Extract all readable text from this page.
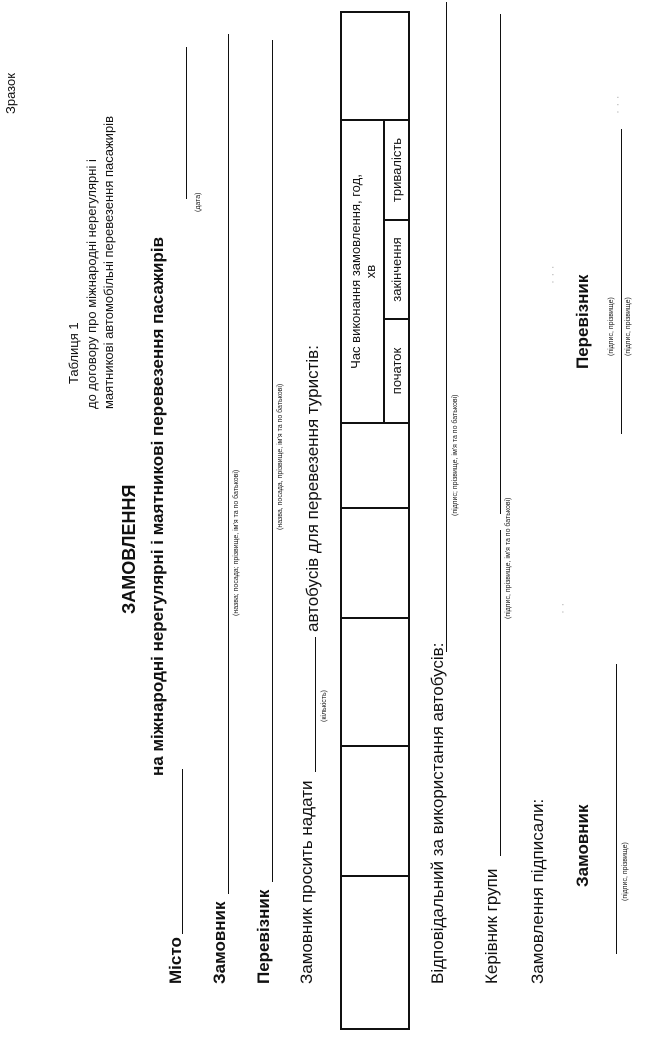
Зразок
Таблиця 1 до договору про міжнародні нерегулярні і маятникові автомобільні перевезення пасажирів
ЗАМОВЛЕННЯ на міжнародні нерегулярні і маятникові перевезення пасажирів
Місто
(дата)
Замовник
(назва; посада; прізвище, ім'я та по батькові)
Перевізник
(назва, посада, прізвище, ім'я та по батькові)
Замовник просить надати
(кількість)
автобусів для перевезення туристів:
Час виконання замовлення, год, хв
початок
закінчення
тривалість
Відповідальний за використання автобусів:
(підпис; прізвище, ім'я та по батькові)
Керівник групи
(підпис, прізвище, ім'я та по батькові)
Замовлення підписали: Замовник	(підпис, прізвище)
Перевізник (підпис, прізвище) (підпис, прізвище)
· · ·
· ·
· · ·
